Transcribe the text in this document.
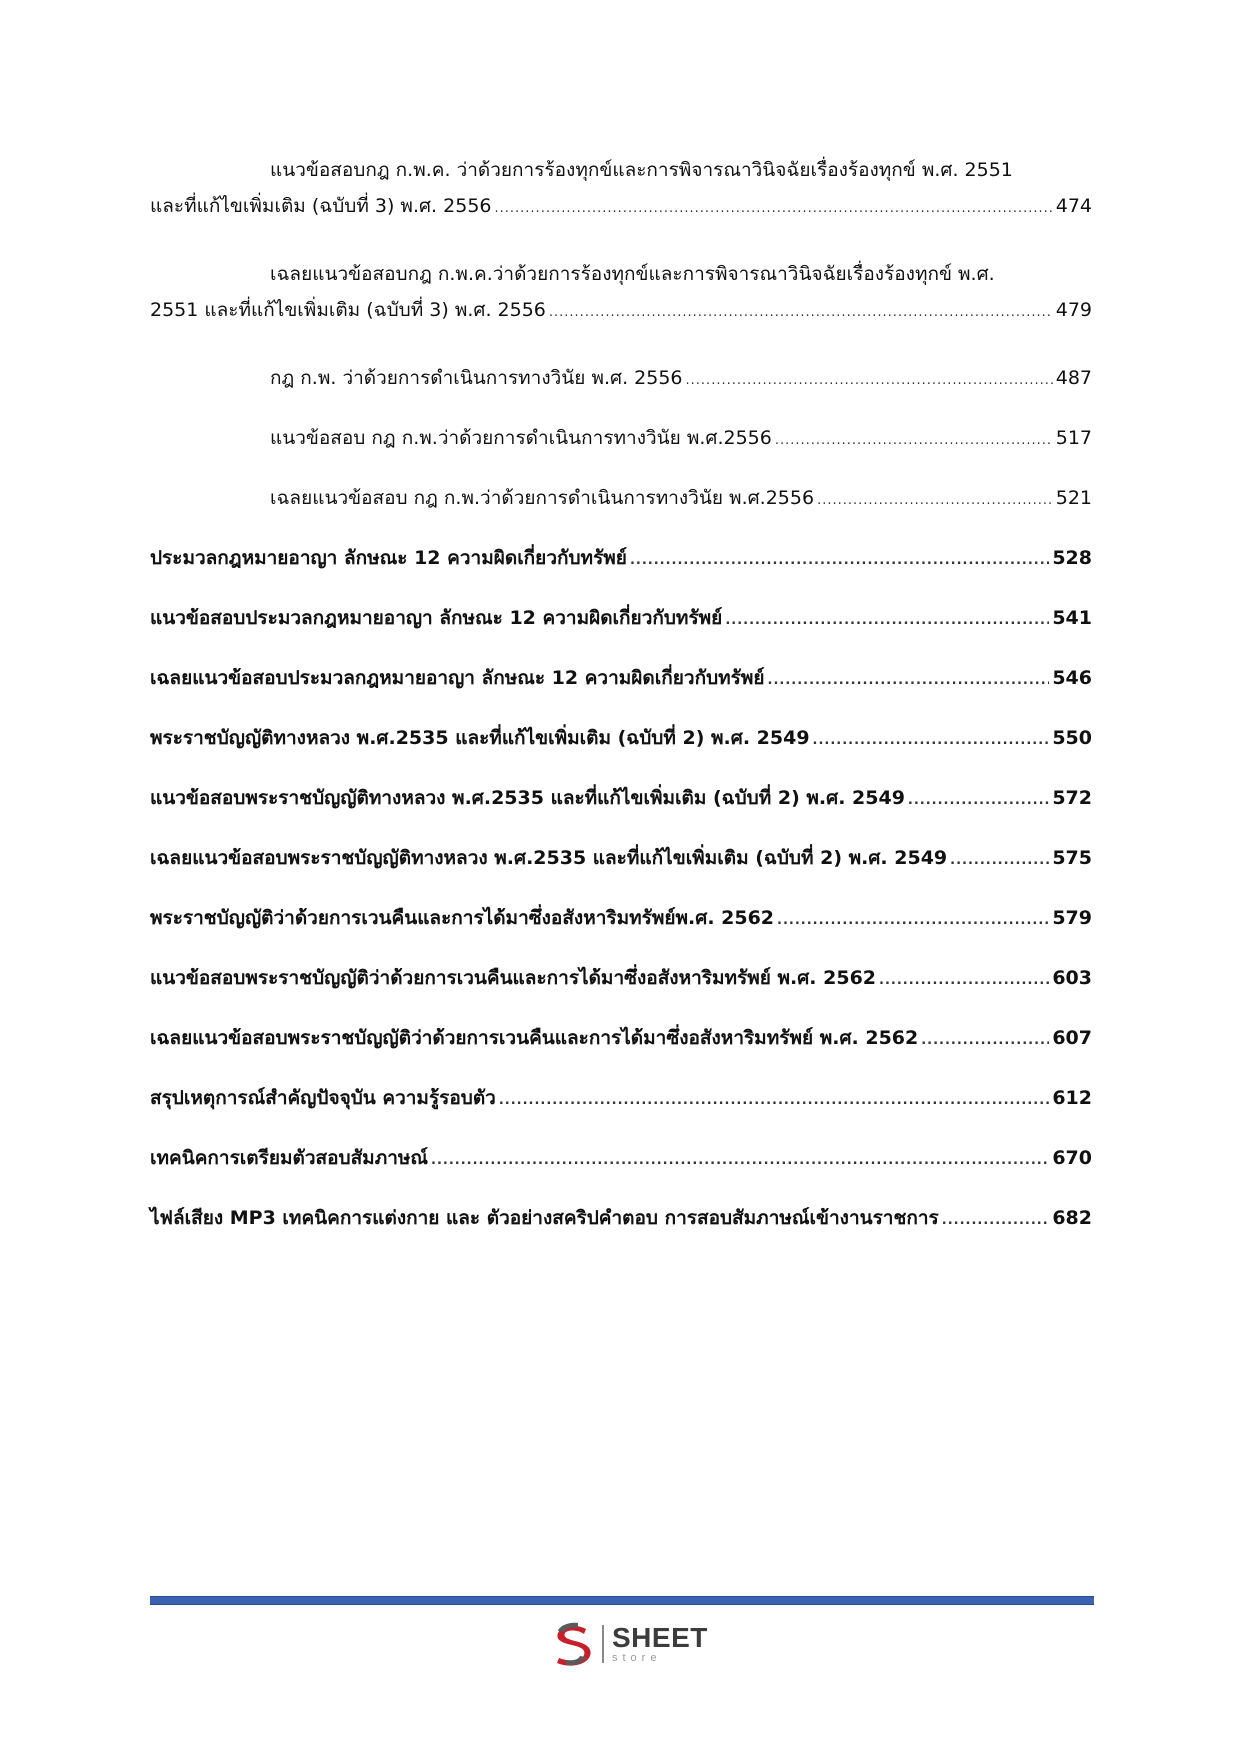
แนวข้อสอบกฎ ก.พ.ค. ว่าด้วยการร้องทุกข์และการพิจารณาวินิจฉัยเรื่องร้องทุกข์ พ.ศ. 2551
และที่แก้ไขเพิ่มเติม (ฉบับที่ 3) พ.ศ. 2556 .....	474
เฉลยแนวข้อสอบกฎ ก.พ.ค.ว่าด้วยการร้องทุกข์และการพิจารณาวินิจฉัยเรื่องร้องทุกข์ พ.ศ.
2551 และที่แก้ไขเพิ่มเติม (ฉบับที่ 3) พ.ศ. 2556 .....	479
กฎ ก.พ. ว่าด้วยการดำเนินการทางวินัย พ.ศ. 2556 .....	487
แนวข้อสอบ กฎ ก.พ.ว่าด้วยการดำเนินการทางวินัย พ.ศ.2556 .....	517
เฉลยแนวข้อสอบ กฎ ก.พ.ว่าด้วยการดำเนินการทางวินัย พ.ศ.2556 .....	521
ประมวลกฎหมายอาญา ลักษณะ 12 ความผิดเกี่ยวกับทรัพย์ .....	528
แนวข้อสอบประมวลกฎหมายอาญา ลักษณะ 12 ความผิดเกี่ยวกับทรัพย์ .....	541
เฉลยแนวข้อสอบประมวลกฎหมายอาญา ลักษณะ 12 ความผิดเกี่ยวกับทรัพย์ .....	546
พระราชบัญญัติทางหลวง พ.ศ.2535 และที่แก้ไขเพิ่มเติม (ฉบับที่ 2) พ.ศ. 2549 .....	550
แนวข้อสอบพระราชบัญญัติทางหลวง พ.ศ.2535 และที่แก้ไขเพิ่มเติม (ฉบับที่ 2) พ.ศ. 2549 .....	572
เฉลยแนวข้อสอบพระราชบัญญัติทางหลวง พ.ศ.2535 และที่แก้ไขเพิ่มเติม (ฉบับที่ 2) พ.ศ. 2549 .....	575
พระราชบัญญัติว่าด้วยการเวนคืนและการได้มาซึ่งอสังหาริมทรัพย์พ.ศ. 2562 .....	579
แนวข้อสอบพระราชบัญญัติว่าด้วยการเวนคืนและการได้มาซึ่งอสังหาริมทรัพย์ พ.ศ. 2562 .....	603
เฉลยแนวข้อสอบพระราชบัญญัติว่าด้วยการเวนคืนและการได้มาซึ่งอสังหาริมทรัพย์ พ.ศ. 2562 .....	607
สรุปเหตุการณ์สำคัญปัจจุบัน ความรู้รอบตัว .....	612
เทคนิคการเตรียมตัวสอบสัมภาษณ์ .....	670
ไฟล์เสียง MP3 เทคนิคการแต่งกาย และ ตัวอย่างสคริปคำตอบ การสอบสัมภาษณ์เข้างานราชการ .....	682
SHEET
store
